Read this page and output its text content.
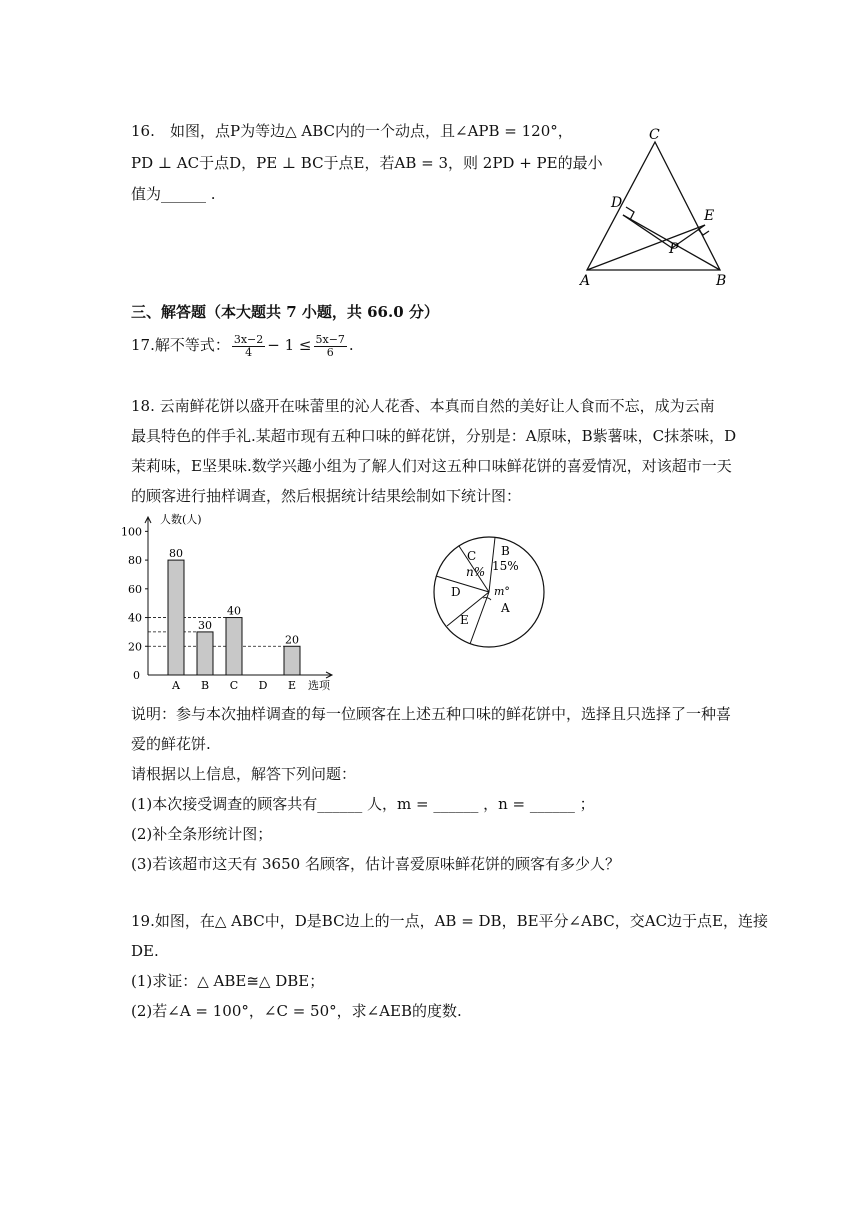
16. 如图，点P为等边△ ABC内的一个动点，且∠APB = 120°，
PD ⊥ AC于点D，PE ⊥ BC于点E，若AB = 3，则 2PD + PE的最小
值为______ .
C
D
E
P
A	B
三、解答题（本大题共 7 小题，共 66.0 分）
17.解不等式： $\frac{3x-2}{4} - 1 \le \frac{5x-7}{6}$ .
18. 云南鲜花饼以盛开在味蕾里的沁人花香、本真而自然的美好让人食而不忘，成为云南
最具特色的伴手礼.某超市现有五种口味的鲜花饼，分别是：A原味，B紫薯味，C抹茶味，D
茉莉味，E坚果味.数学兴趣小组为了解人们对这五种口味鲜花饼的喜爱情况，对该超市一天
的顾客进行抽样调查，然后根据统计结果绘制如下统计图：
0
20
40
60
80
100
人数(人)
选项
A
80
B
30
C
40
D E
20
C
n%
B
15%
D	m°
A
E
说明：参与本次抽样调查的每一位顾客在上述五种口味的鲜花饼中，选择且只选择了一种喜
爱的鲜花饼.
请根据以上信息，解答下列问题：
(1)本次接受调查的顾客共有______ 人，m = ______ ，n = ______ ；
(2)补全条形统计图；
(3)若该超市这天有 3650 名顾客，估计喜爱原味鲜花饼的顾客有多少人？
19.如图，在△ ABC中，D是BC边上的一点，AB = DB，BE平分∠ABC，交AC边于点E，连接
DE.
(1)求证：△ ABE≅△ DBE；
(2)若∠A = 100°，∠C = 50°，求∠AEB的度数.
